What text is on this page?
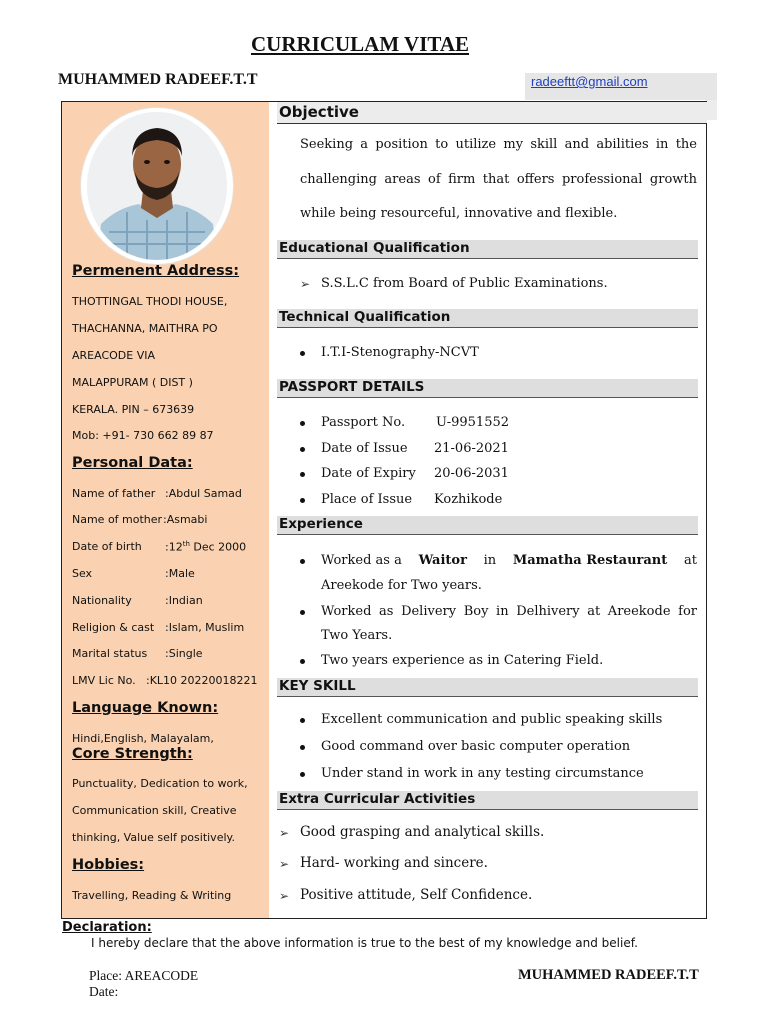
CURRICULAM VITAE
MUHAMMED RADEEF.T.T	radeeftt@gmail.com
Permenent Address:
THOTTINGAL THODI HOUSE,
THACHANNA, MAITHRA PO
AREACODE VIA
MALAPPURAM ( DIST )
KERALA. PIN – 673639
Mob: +91- 730 662 89 87
Personal Data:
Name of father :Abdul Samad
Name of mother :Asmabi
Date of birth :12th Dec 2000
Sex	:Male
Nationality	:Indian
Religion & cast :Islam, Muslim
Marital status :Single
LMV Lic No. :KL10 20220018221
Language Known:
Hindi,English, Malayalam,
Core Strength:
Punctuality, Dedication to work,
Communication skill, Creative
thinking, Value self positively.
Hobbies:
Travelling, Reading & Writing
Objective
Seeking a position to utilize my skill and abilities in the
challenging areas of firm that offers professional growth
while being resourceful, innovative and flexible.
Educational Qualification
➢ S.S.L.C from Board of Public Examinations.
Technical Qualification
I.T.I-Stenography-NCVT
PASSPORT DETAILS
Passport No. U-9951552
Date of Issue 21-06-2021
Date of Expiry 20-06-2031
Place of Issue Kozhikode
Experience
Worked as a Waitor in Mamatha Restaurant at
Areekode for Two years.
Worked as Delivery Boy in Delhivery at Areekode for
Two Years.
Two years experience as in Catering Field.
KEY SKILL
Excellent communication and public speaking skills
Good command over basic computer operation
Under stand in work in any testing circumstance
Extra Curricular Activities
➢ Good grasping and analytical skills.
➢ Hard- working and sincere.
➢ Positive attitude, Self Confidence.
Declaration:
I hereby declare that the above information is true to the best of my knowledge and belief.
Place: AREACODE
Date:
MUHAMMED RADEEF.T.T
